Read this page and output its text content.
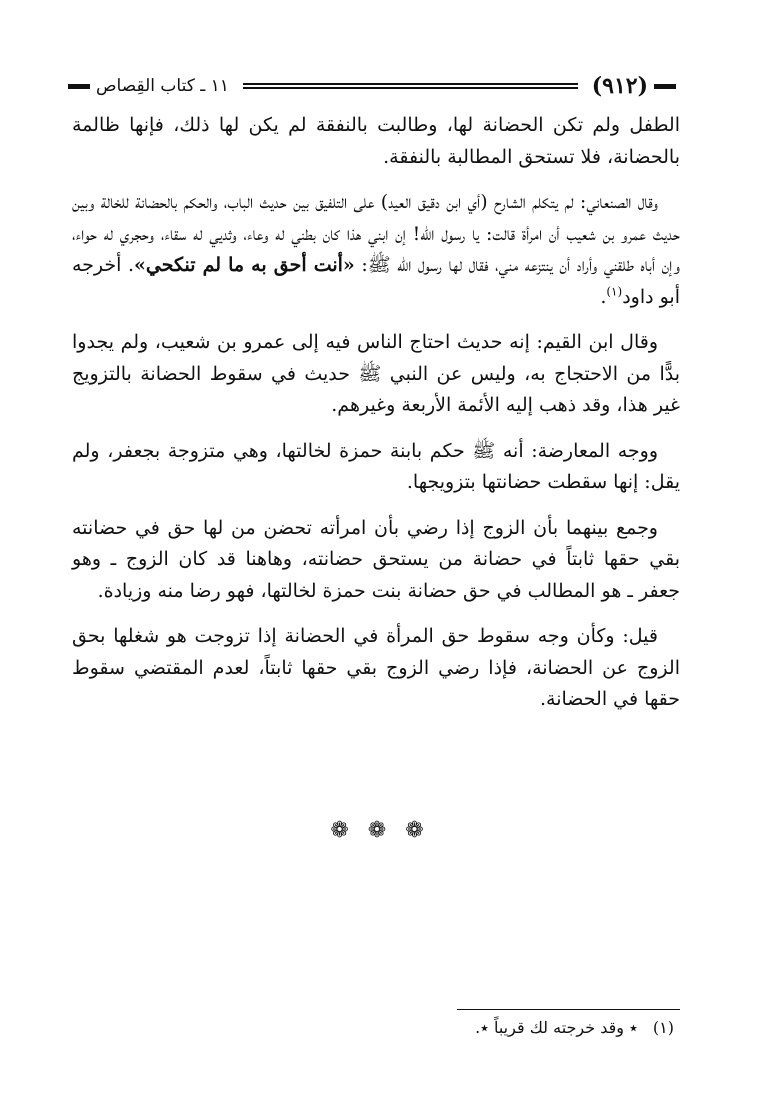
(٩١٢)
١١ ـ كتاب القِصاص

الطفل ولم تكن الحضانة لها، وطالبت بالنفقة لم يكن لها ذلك، فإنها ظالمة بالحضانة، فلا تستحق المطالبة بالنفقة.

وقال الصنعاني: لم يتكلم الشارح (أي ابن دقيق العيد) على التلفيق بين حديث الباب، والحكم بالحضانة للخالة وبين حديث عمرو بن شعيب أن امرأة قالت: يا رسول الله! إن ابني هذا كان بطني له وعاء، وثديي له سقاء، وحجري له حواء، وإن أباه طلقني وأراد أن ينتزعه مني، فقال لها رسول الله ﷺ: «أنت أحق به ما لم تنكحي». أخرجه أبو داود$^{(١)}$.

وقال ابن القيم: إنه حديث احتاج الناس فيه إلى عمرو بن شعيب، ولم يجدوا بدًّا من الاحتجاج به، وليس عن النبي ﷺ حديث في سقوط الحضانة بالتزويج غير هذا، وقد ذهب إليه الأئمة الأربعة وغيرهم.

ووجه المعارضة: أنه ﷺ حكم بابنة حمزة لخالتها، وهي متزوجة بجعفر، ولم يقل: إنها سقطت حضانتها بتزويجها.

وجمع بينهما بأن الزوج إذا رضي بأن امرأته تحضن من لها حق في حضانته بقي حقها ثابتاً في حضانة من يستحق حضانته، وهاهنا قد كان الزوج ـ وهو جعفر ـ هو المطالب في حق حضانة بنت حمزة لخالتها، فهو رضا منه وزيادة.

قيل: وكأن وجه سقوط حق المرأة في الحضانة إذا تزوجت هو شغلها بحق الزوج عن الحضانة، فإذا رضي الزوج بقي حقها ثابتاً، لعدم المقتضي سقوط حقها في الحضانة.

❁ ❁ ❁
(١) ٭ وقد خرجته لك قريباً ٭.
